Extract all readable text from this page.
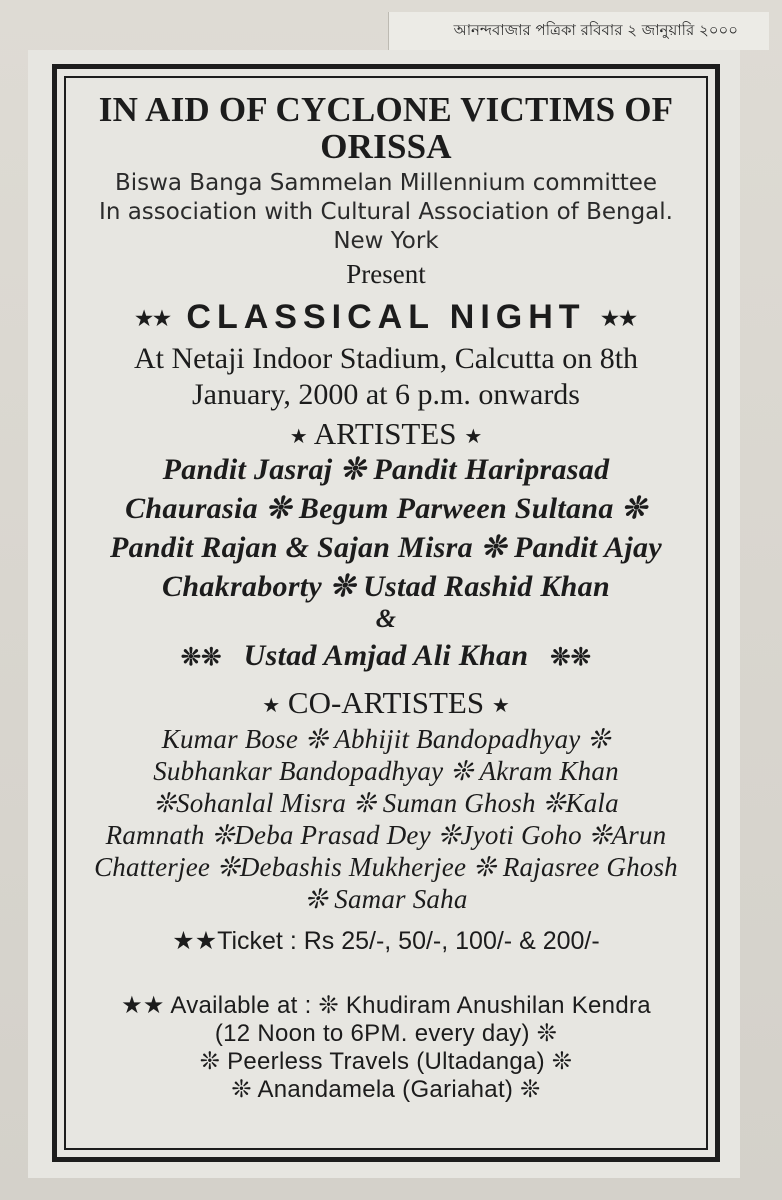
আনন্দবাজার পত্রিকা রবিবার ২ জানুয়ারি ২০০০
IN AID OF CYCLONE VICTIMS OF
ORISSA
Biswa Banga Sammelan Millennium committee
In association with Cultural Association of Bengal.
New York
Present
★★ CLASSICAL NIGHT ★★
At Netaji Indoor Stadium, Calcutta on 8th
January, 2000 at 6 p.m. onwards
★ ARTISTES ★
Pandit Jasraj ❊ Pandit Hariprasad
Chaurasia ❊ Begum Parween Sultana ❊
Pandit Rajan & Sajan Misra ❊ Pandit Ajay
Chakraborty ❊ Ustad Rashid Khan
&
❊❊ Ustad Amjad Ali Khan ❊❊
★ CO-ARTISTES ★
Kumar Bose ❊ Abhijit Bandopadhyay ❊
Subhankar Bandopadhyay ❊ Akram Khan
❊Sohanlal Misra ❊ Suman Ghosh ❊Kala
Ramnath ❊Deba Prasad Dey ❊Jyoti Goho ❊Arun
Chatterjee ❊Debashis Mukherjee ❊ Rajasree Ghosh
❊ Samar Saha
★★Ticket : Rs 25/-, 50/-, 100/- & 200/-
★★ Available at : ❊ Khudiram Anushilan Kendra
(12 Noon to 6PM. every day) ❊
❊ Peerless Travels (Ultadanga) ❊
❊ Anandamela (Gariahat) ❊
